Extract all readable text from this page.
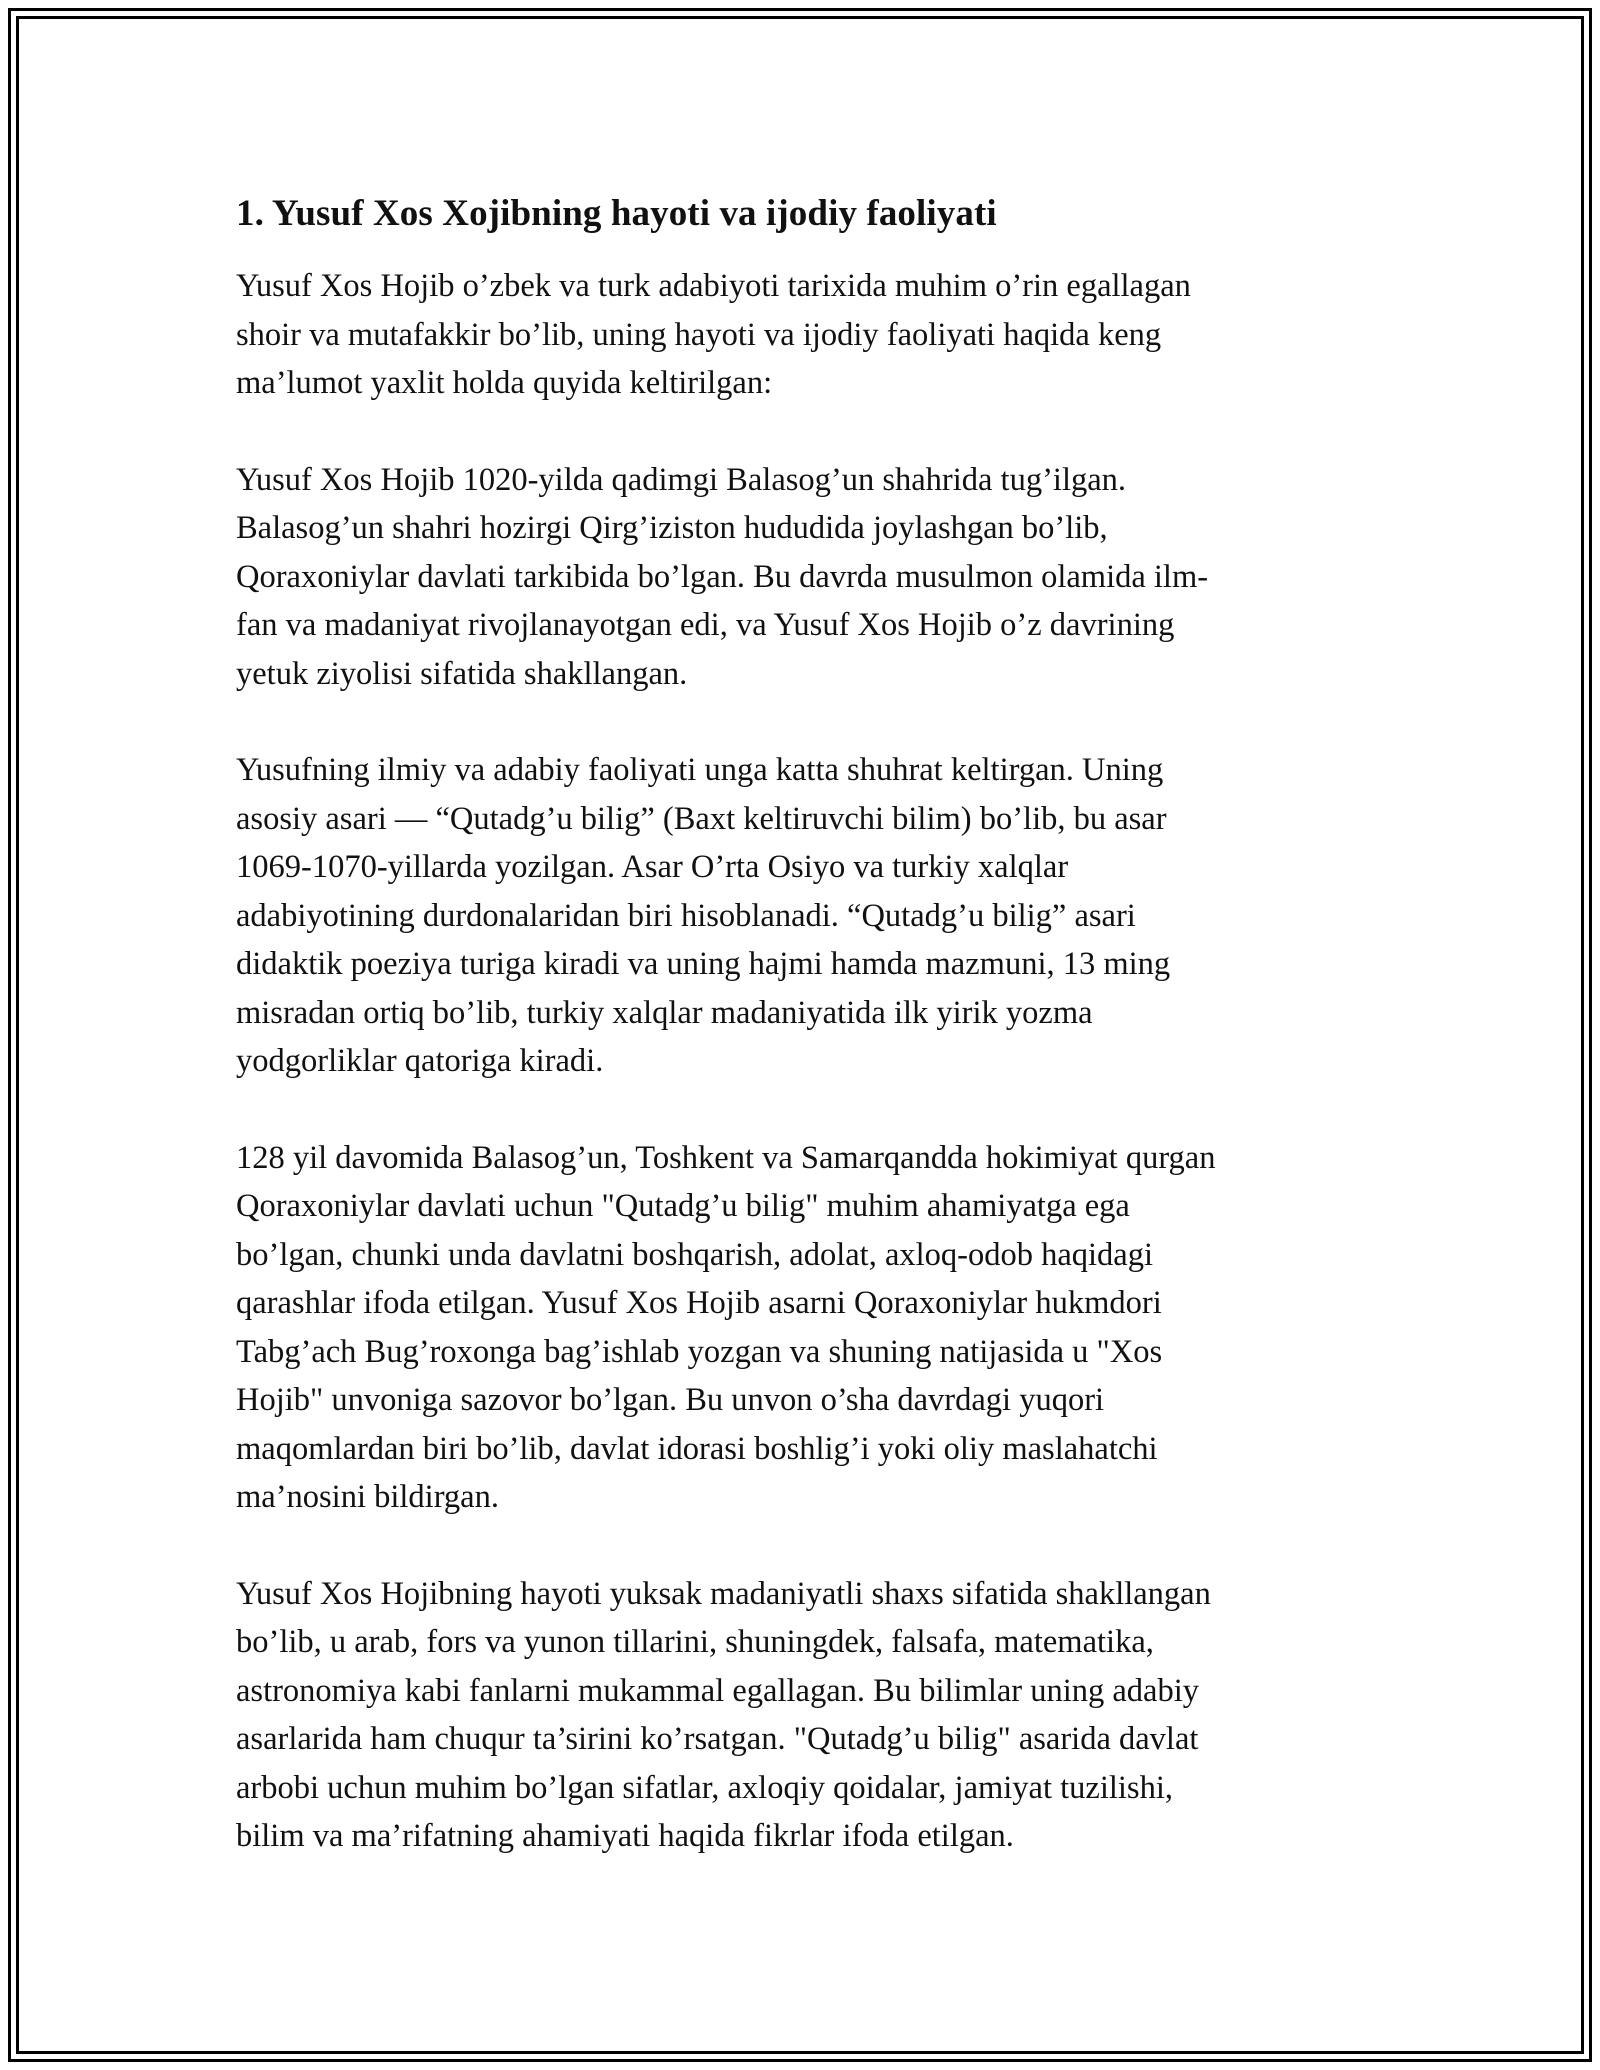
1. Yusuf Xos Xojibning hayoti va ijodiy faoliyati

Yusuf Xos Hojib o’zbek va turk adabiyoti tarixida muhim o’rin egallagan
shoir va mutafakkir bo’lib, uning hayoti va ijodiy faoliyati haqida keng
ma’lumot yaxlit holda quyida keltirilgan:

Yusuf Xos Hojib 1020-yilda qadimgi Balasog’un shahrida tug’ilgan.
Balasog’un shahri hozirgi Qirg’iziston hududida joylashgan bo’lib,
Qoraxoniylar davlati tarkibida bo’lgan. Bu davrda musulmon olamida ilm-
fan va madaniyat rivojlanayotgan edi, va Yusuf Xos Hojib o’z davrining
yetuk ziyolisi sifatida shakllangan.

Yusufning ilmiy va adabiy faoliyati unga katta shuhrat keltirgan. Uning
asosiy asari — “Qutadg’u bilig” (Baxt keltiruvchi bilim) bo’lib, bu asar
1069-1070-yillarda yozilgan. Asar O’rta Osiyo va turkiy xalqlar
adabiyotining durdonalaridan biri hisoblanadi. “Qutadg’u bilig” asari
didaktik poeziya turiga kiradi va uning hajmi hamda mazmuni, 13 ming
misradan ortiq bo’lib, turkiy xalqlar madaniyatida ilk yirik yozma
yodgorliklar qatoriga kiradi.

128 yil davomida Balasog’un, Toshkent va Samarqandda hokimiyat qurgan
Qoraxoniylar davlati uchun "Qutadg’u bilig" muhim ahamiyatga ega
bo’lgan, chunki unda davlatni boshqarish, adolat, axloq-odob haqidagi
qarashlar ifoda etilgan. Yusuf Xos Hojib asarni Qoraxoniylar hukmdori
Tabg’ach Bug’roxonga bag’ishlab yozgan va shuning natijasida u "Xos
Hojib" unvoniga sazovor bo’lgan. Bu unvon o’sha davrdagi yuqori
maqomlardan biri bo’lib, davlat idorasi boshlig’i yoki oliy maslahatchi
ma’nosini bildirgan.

Yusuf Xos Hojibning hayoti yuksak madaniyatli shaxs sifatida shakllangan
bo’lib, u arab, fors va yunon tillarini, shuningdek, falsafa, matematika,
astronomiya kabi fanlarni mukammal egallagan. Bu bilimlar uning adabiy
asarlarida ham chuqur ta’sirini ko’rsatgan. "Qutadg’u bilig" asarida davlat
arbobi uchun muhim bo’lgan sifatlar, axloqiy qoidalar, jamiyat tuzilishi,
bilim va ma’rifatning ahamiyati haqida fikrlar ifoda etilgan.
